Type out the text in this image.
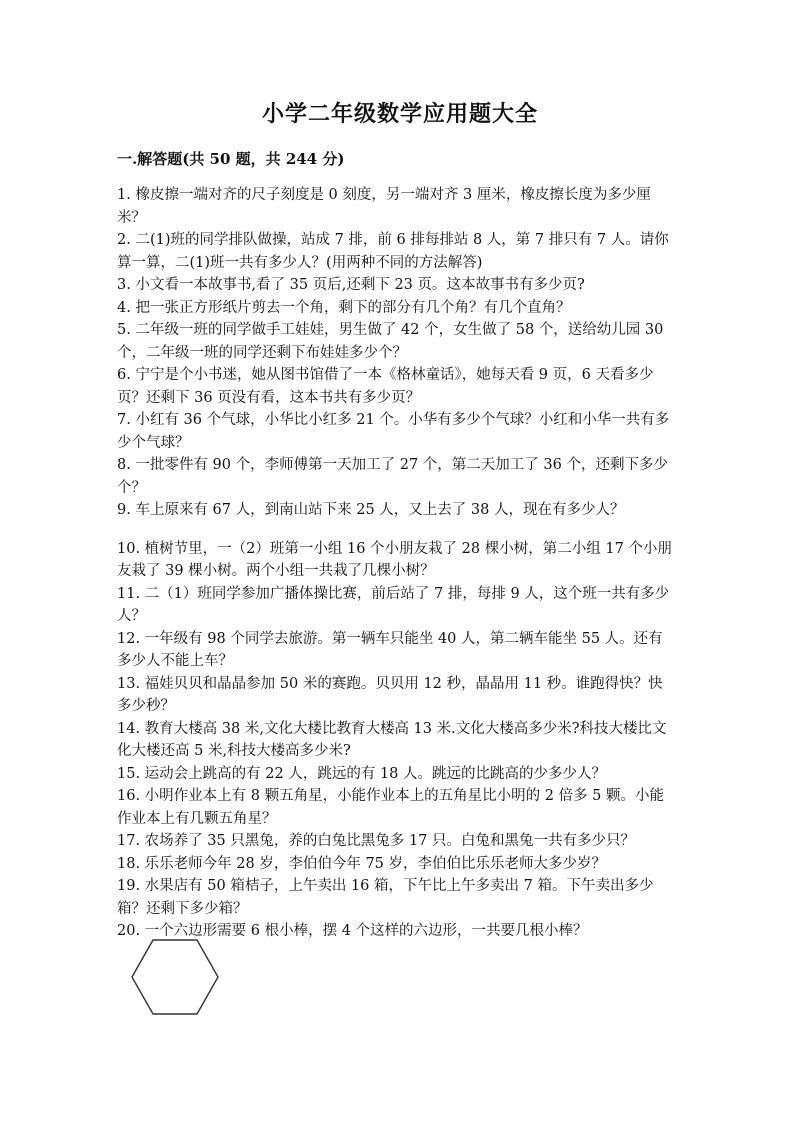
小学二年级数学应用题大全
一.解答题(共 50 题，共 244 分)

1. 橡皮擦一端对齐的尺子刻度是 0 刻度，另一端对齐 3 厘米，橡皮擦长度为多少厘米？

2. 二(1)班的同学排队做操，站成 7 排，前 6 排每排站 8 人，第 7 排只有 7 人。请你算一算，二(1)班一共有多少人？(用两种不同的方法解答)

3. 小文看一本故事书,看了 35 页后,还剩下 23 页。这本故事书有多少页?

4. 把一张正方形纸片剪去一个角，剩下的部分有几个角？有几个直角？

5. 二年级一班的同学做手工娃娃，男生做了 42 个，女生做了 58 个，送给幼儿园 30 个，二年级一班的同学还剩下布娃娃多少个？

6. 宁宁是个小书迷，她从图书馆借了一本《格林童话》，她每天看 9 页，6 天看多少页？还剩下 36 页没有看，这本书共有多少页？

7. 小红有 36 个气球，小华比小红多 21 个。小华有多少个气球？小红和小华一共有多少个气球？

8. 一批零件有 90 个，李师傅第一天加工了 27 个，第二天加工了 36 个，还剩下多少个？

9. 车上原来有 67 人，到南山站下来 25 人，又上去了 38 人，现在有多少人？

10. 植树节里，一（2）班第一小组 16 个小朋友栽了 28 棵小树，第二小组 17 个小朋友栽了 39 棵小树。两个小组一共栽了几棵小树？

11. 二（1）班同学参加广播体操比赛，前后站了 7 排，每排 9 人，这个班一共有多少人？

12. 一年级有 98 个同学去旅游。第一辆车只能坐 40 人，第二辆车能坐 55 人。还有多少人不能上车？

13. 福娃贝贝和晶晶参加 50 米的赛跑。贝贝用 12 秒，晶晶用 11 秒。谁跑得快？快多少秒？

14. 教育大楼高 38 米,文化大楼比教育大楼高 13 米.文化大楼高多少米?科技大楼比文化大楼还高 5 米,科技大楼高多少米?

15. 运动会上跳高的有 22 人，跳远的有 18 人。跳远的比跳高的少多少人？

16. 小明作业本上有 8 颗五角星，小能作业本上的五角星比小明的 2 倍多 5 颗。小能作业本上有几颗五角星？

17. 农场养了 35 只黑兔，养的白兔比黑兔多 17 只。白兔和黑兔一共有多少只？

18. 乐乐老师今年 28 岁，李伯伯今年 75 岁，李伯伯比乐乐老师大多少岁？

19. 水果店有 50 箱桔子，上午卖出 16 箱，下午比上午多卖出 7 箱。下午卖出多少箱？还剩下多少箱？

20. 一个六边形需要 6 根小棒，摆 4 个这样的六边形，一共要几根小棒？
